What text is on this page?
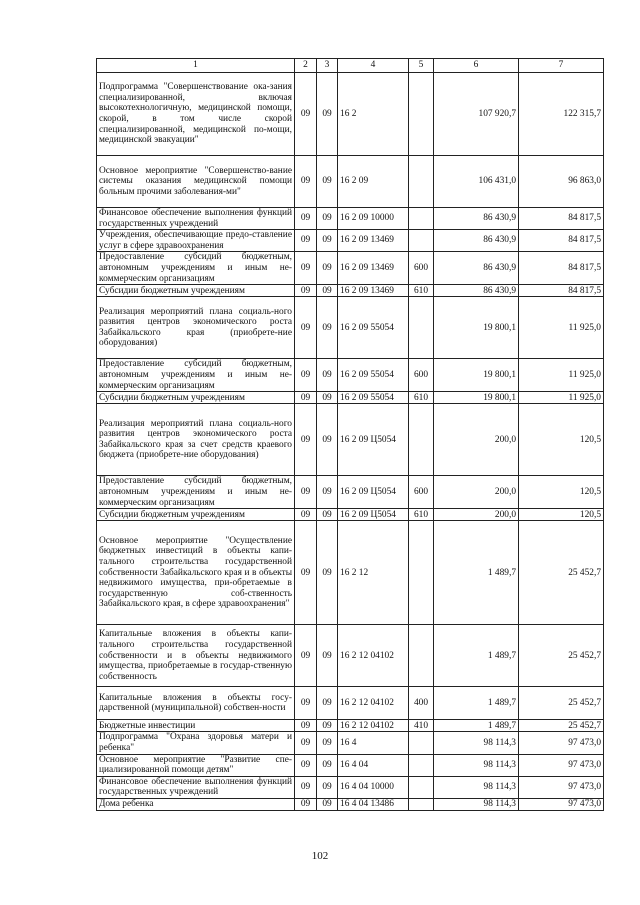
1	2	3	4	5	6	7
Подпрограмма "Совершенствование ока-зания специализированной, включая высокотехнологичную, медицинской помощи, скорой, в том числе скорой специализированной, медицинской по-мощи, медицинской эвакуации"	09	09	16 2		107 920,7	122 315,7
Основное мероприятие "Совершенство-вание системы оказания медицинской помощи больным прочими заболевания-ми"	09	09	16 2 09		106 431,0	96 863,0
Финансовое обеспечение выполнения функций государственных учреждений	09	09	16 2 09 10000		86 430,9	84 817,5
Учреждения, обеспечивающие предо-ставление услуг в сфере здравоохранения	09	09	16 2 09 13469		86 430,9	84 817,5
Предоставление субсидий бюджетным, автономным учреждениям и иным не-коммерческим организациям	09	09	16 2 09 13469	600	86 430,9	84 817,5
Субсидии бюджетным учреждениям	09	09	16 2 09 13469	610	86 430,9	84 817,5
Реализация мероприятий плана социаль-ного развития центров экономического роста Забайкальского края (приобрете-ние оборудования)	09	09	16 2 09 55054		19 800,1	11 925,0
Предоставление субсидий бюджетным, автономным учреждениям и иным не-коммерческим организациям	09	09	16 2 09 55054	600	19 800,1	11 925,0
Субсидии бюджетным учреждениям	09	09	16 2 09 55054	610	19 800,1	11 925,0
Реализация мероприятий плана социаль-ного развития центров экономического роста Забайкальского края за счет средств краевого бюджета (приобрете-ние оборудования)	09	09	16 2 09 Ц5054		200,0	120,5
Предоставление субсидий бюджетным, автономным учреждениям и иным не-коммерческим организациям	09	09	16 2 09 Ц5054	600	200,0	120,5
Субсидии бюджетным учреждениям	09	09	16 2 09 Ц5054	610	200,0	120,5
Основное мероприятие "Осуществление бюджетных инвестиций в объекты капи-тального строительства государственной собственности Забайкальского края и в объекты недвижимого имущества, при-обретаемые в государственную соб-ственность Забайкальского края, в сфере здравоохранения"	09	09	16 2 12		1 489,7	25 452,7
Капитальные вложения в объекты капи-тального строительства государственной собственности и в объекты недвижимого имущества, приобретаемые в государ-ственную собственность	09	09	16 2 12 04102		1 489,7	25 452,7
Капитальные вложения в объекты госу-дарственной (муниципальной) собствен-ности	09	09	16 2 12 04102	400	1 489,7	25 452,7
Бюджетные инвестиции	09	09	16 2 12 04102	410	1 489,7	25 452,7
Подпрограмма "Охрана здоровья матери и ребенка"	09	09	16 4		98 114,3	97 473,0
Основное мероприятие "Развитие спе-циализированной помощи детям"	09	09	16 4 04		98 114,3	97 473,0
Финансовое обеспечение выполнения функций государственных учреждений	09	09	16 4 04 10000		98 114,3	97 473,0
Дома ребенка	09	09	16 4 04 13486		98 114,3	97 473,0
102
